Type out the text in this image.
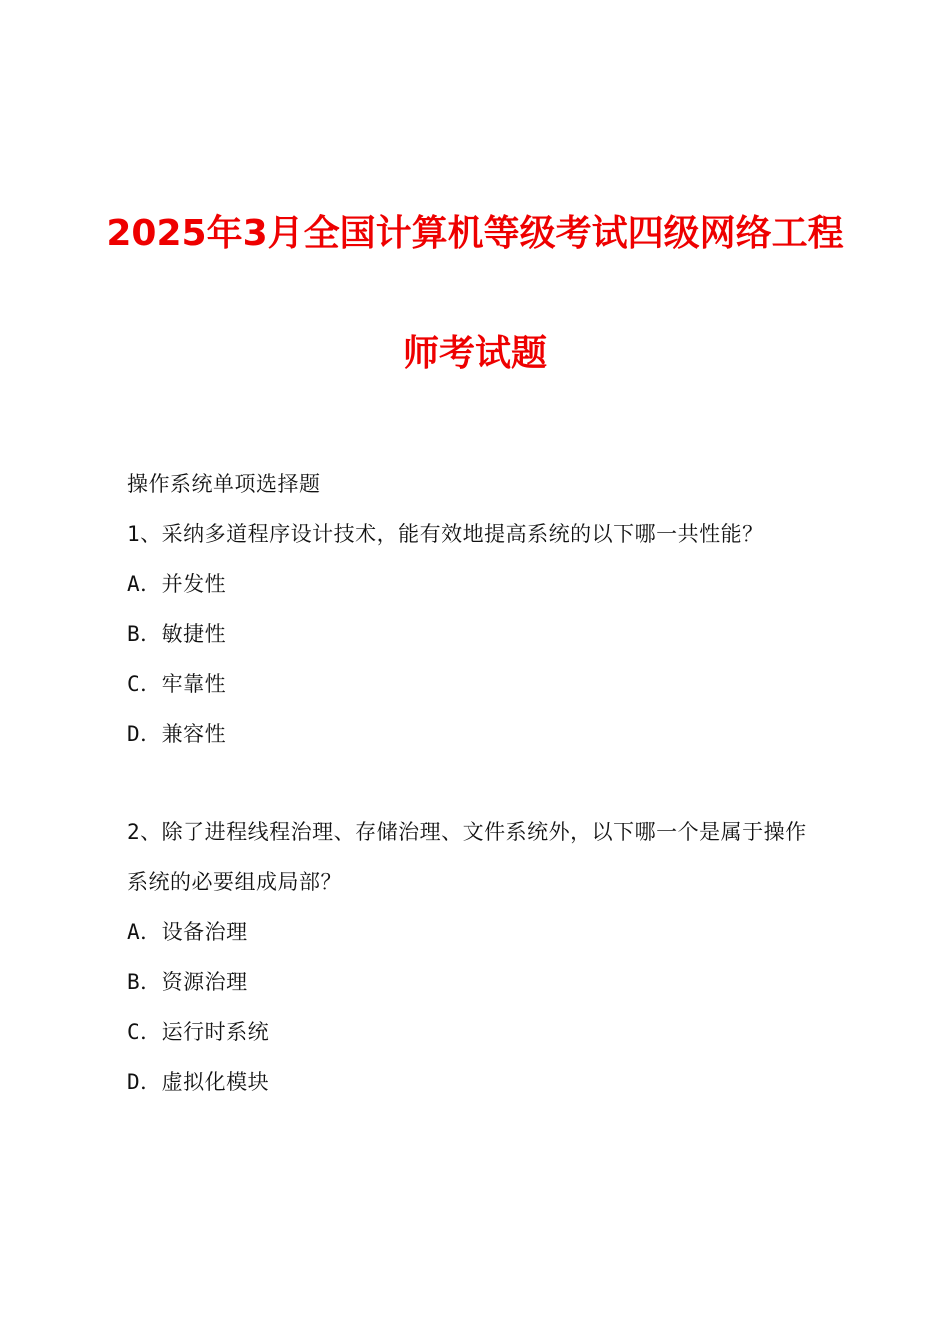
2025年3月全国计算机等级考试四级网络工程
师考试题
操作系统单项选择题
1、采纳多道程序设计技术，能有效地提高系统的以下哪一共性能？
A．并发性
B．敏捷性
C．牢靠性
D．兼容性
2、除了进程线程治理、存储治理、文件系统外，以下哪一个是属于操作
系统的必要组成局部？
A．设备治理
B．资源治理
C．运行时系统
D．虚拟化模块
